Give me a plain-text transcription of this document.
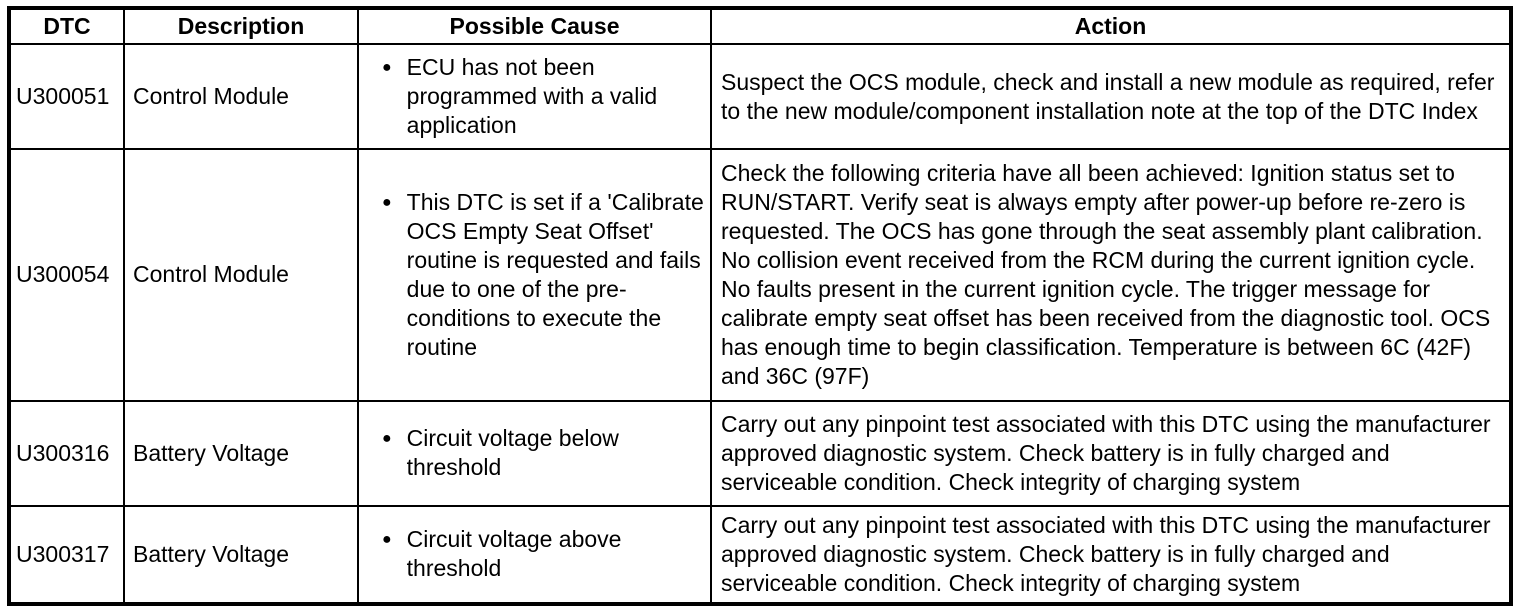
DTC	Description	Possible Cause	Action
U300051	Control Module	● ECU has not been programmed with a valid application	Suspect the OCS module, check and install a new module as required, refer to the new module/component installation note at the top of the DTC Index
U300054	Control Module	● This DTC is set if a 'Calibrate OCS Empty Seat Offset' routine is requested and fails due to one of the pre-conditions to execute the routine	Check the following criteria have all been achieved: Ignition status set to RUN/START. Verify seat is always empty after power-up before re-zero is requested. The OCS has gone through the seat assembly plant calibration. No collision event received from the RCM during the current ignition cycle. No faults present in the current ignition cycle. The trigger message for calibrate empty seat offset has been received from the diagnostic tool. OCS has enough time to begin classification. Temperature is between 6C (42F) and 36C (97F)
U300316	Battery Voltage	● Circuit voltage below threshold	Carry out any pinpoint test associated with this DTC using the manufacturer approved diagnostic system. Check battery is in fully charged and serviceable condition. Check integrity of charging system
U300317	Battery Voltage	● Circuit voltage above threshold	Carry out any pinpoint test associated with this DTC using the manufacturer approved diagnostic system. Check battery is in fully charged and serviceable condition. Check integrity of charging system
